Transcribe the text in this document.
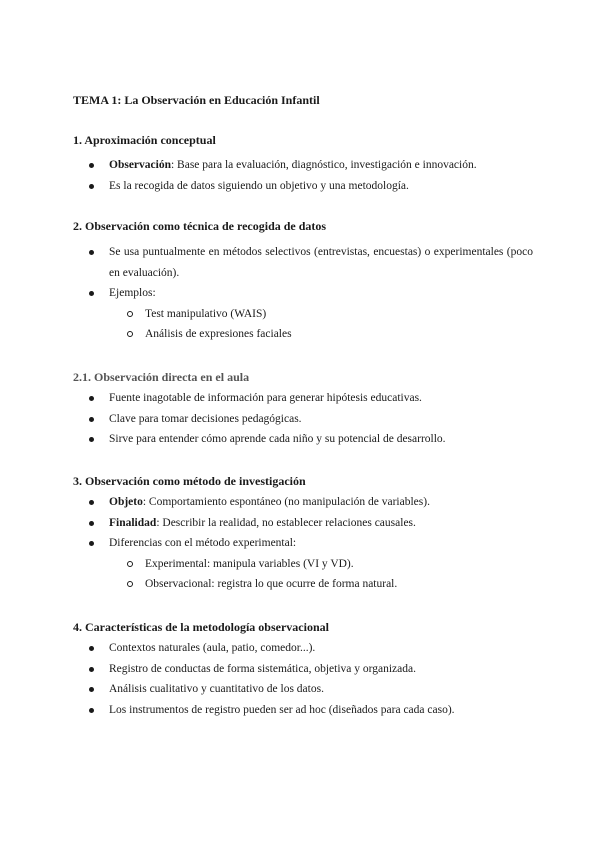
TEMA 1: La Observación en Educación Infantil
1. Aproximación conceptual
Observación: Base para la evaluación, diagnóstico, investigación e innovación.
Es la recogida de datos siguiendo un objetivo y una metodología.
2. Observación como técnica de recogida de datos
Se usa puntualmente en métodos selectivos (entrevistas, encuestas) o experimentales (poco en evaluación).
Ejemplos:
Test manipulativo (WAIS)
Análisis de expresiones faciales
2.1. Observación directa en el aula
Fuente inagotable de información para generar hipótesis educativas.
Clave para tomar decisiones pedagógicas.
Sirve para entender cómo aprende cada niño y su potencial de desarrollo.
3. Observación como método de investigación
Objeto: Comportamiento espontáneo (no manipulación de variables).
Finalidad: Describir la realidad, no establecer relaciones causales.
Diferencias con el método experimental:
Experimental: manipula variables (VI y VD).
Observacional: registra lo que ocurre de forma natural.
4. Características de la metodología observacional
Contextos naturales (aula, patio, comedor...).
Registro de conductas de forma sistemática, objetiva y organizada.
Análisis cualitativo y cuantitativo de los datos.
Los instrumentos de registro pueden ser ad hoc (diseñados para cada caso).
